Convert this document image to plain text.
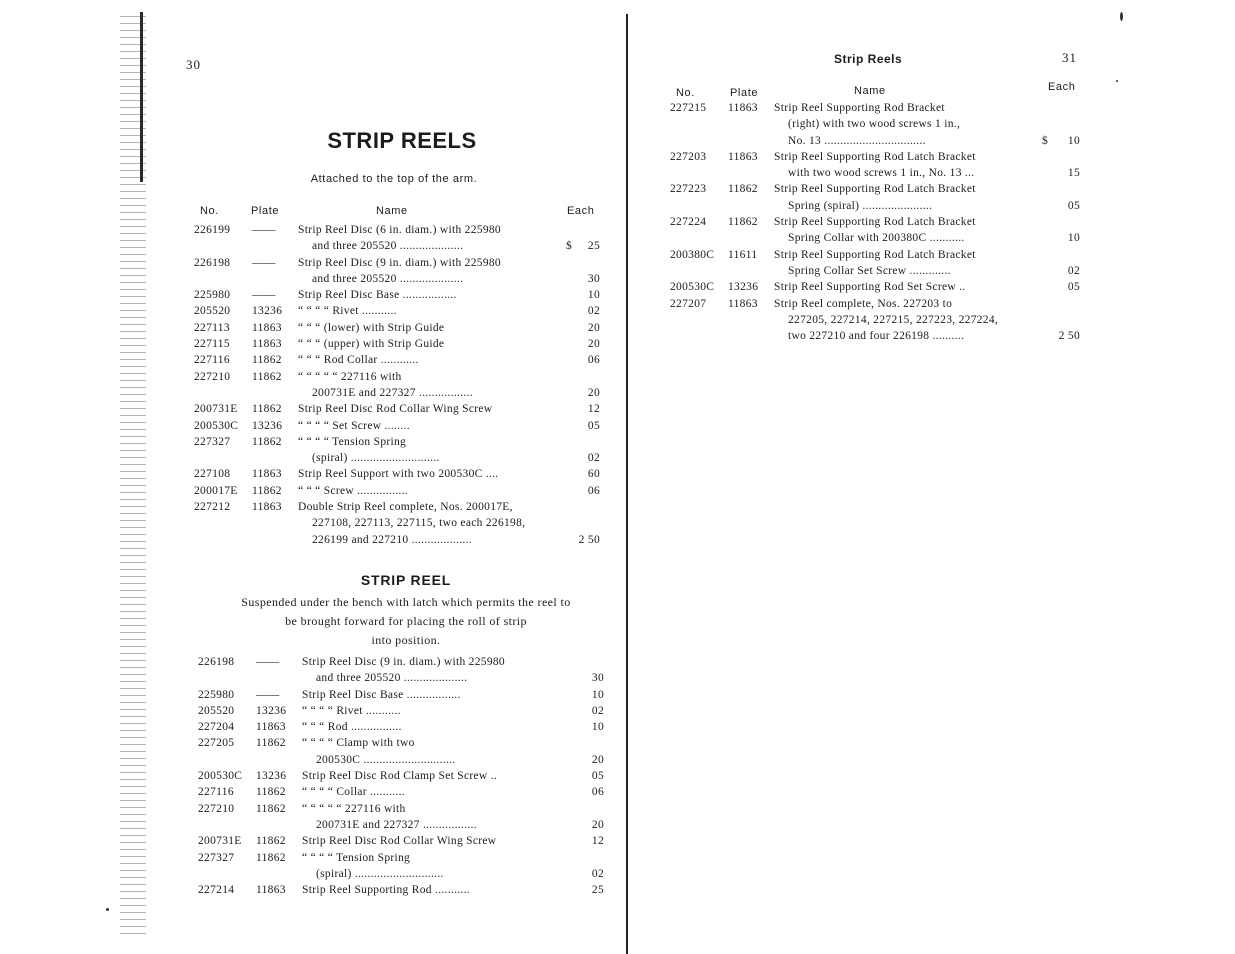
30
STRIP REELS
Attached to the top of the arm.
No.	Plate	Name	Each
226199 —— Strip Reel Disc (6 in. diam.) with 225980
and three 205520 ....................	$ 25
226198 —— Strip Reel Disc (9 in. diam.) with 225980
and three 205520 ....................	30
225980 —— Strip Reel Disc Base .................	10
205520 13236 “ “ “ “ Rivet ...........	02
227113 11863 “ “ “ (lower) with Strip Guide	20
227115 11863 “ “ “ (upper) with Strip Guide	20
227116 11862 “ “ “ Rod Collar ............	06
227210 11862 “ “ “ “ “ 227116 with
200731E and 227327 .................	20
200731E 11862 Strip Reel Disc Rod Collar Wing Screw	12
200530C 13236 “ “ “ “ Set Screw ........	05
227327 11862 “ “ “ “ Tension Spring
(spiral) ............................	02
227108 11863 Strip Reel Support with two 200530C ....	60
200017E 11862 “ “ “ Screw ................	06
227212 11863 Double Strip Reel complete, Nos. 200017E,
227108, 227113, 227115, two each 226198,
226199 and 227210 ...................	2 50
STRIP REEL
Suspended under the bench with latch which permits the reel to
be brought forward for placing the roll of strip
into position.
226198 —— Strip Reel Disc (9 in. diam.) with 225980
and three 205520 ....................	30
225980 —— Strip Reel Disc Base .................	10
205520 13236 “ “ “ “ Rivet ...........	02
227204 11863 “ “ “ Rod ................	10
227205 11862 “ “ “ “ Clamp with two
200530C .............................	20
200530C 13236 Strip Reel Disc Rod Clamp Set Screw ..	05
227116 11862 “ “ “ “ Collar ...........	06
227210 11862 “ “ “ “ “ 227116 with
200731E and 227327 .................	20
200731E 11862 Strip Reel Disc Rod Collar Wing Screw	12
227327 11862 “ “ “ “ Tension Spring
(spiral) ............................	02
227214 11863 Strip Reel Supporting Rod ...........	25
Strip Reels	31
No.	Plate	Name	Each
227215 11863 Strip Reel Supporting Rod Bracket
(right) with two wood screws 1 in.,
No. 13 ................................	$ 10
227203 11863 Strip Reel Supporting Rod Latch Bracket
with two wood screws 1 in., No. 13 ...	15
227223 11862 Strip Reel Supporting Rod Latch Bracket
Spring (spiral) ......................	05
227224 11862 Strip Reel Supporting Rod Latch Bracket
Spring Collar with 200380C ...........	10
200380C 11611 Strip Reel Supporting Rod Latch Bracket
Spring Collar Set Screw .............	02
200530C 13236 Strip Reel Supporting Rod Set Screw ..	05
227207 11863 Strip Reel complete, Nos. 227203 to
227205, 227214, 227215, 227223, 227224,
two 227210 and four 226198 ..........	2 50
